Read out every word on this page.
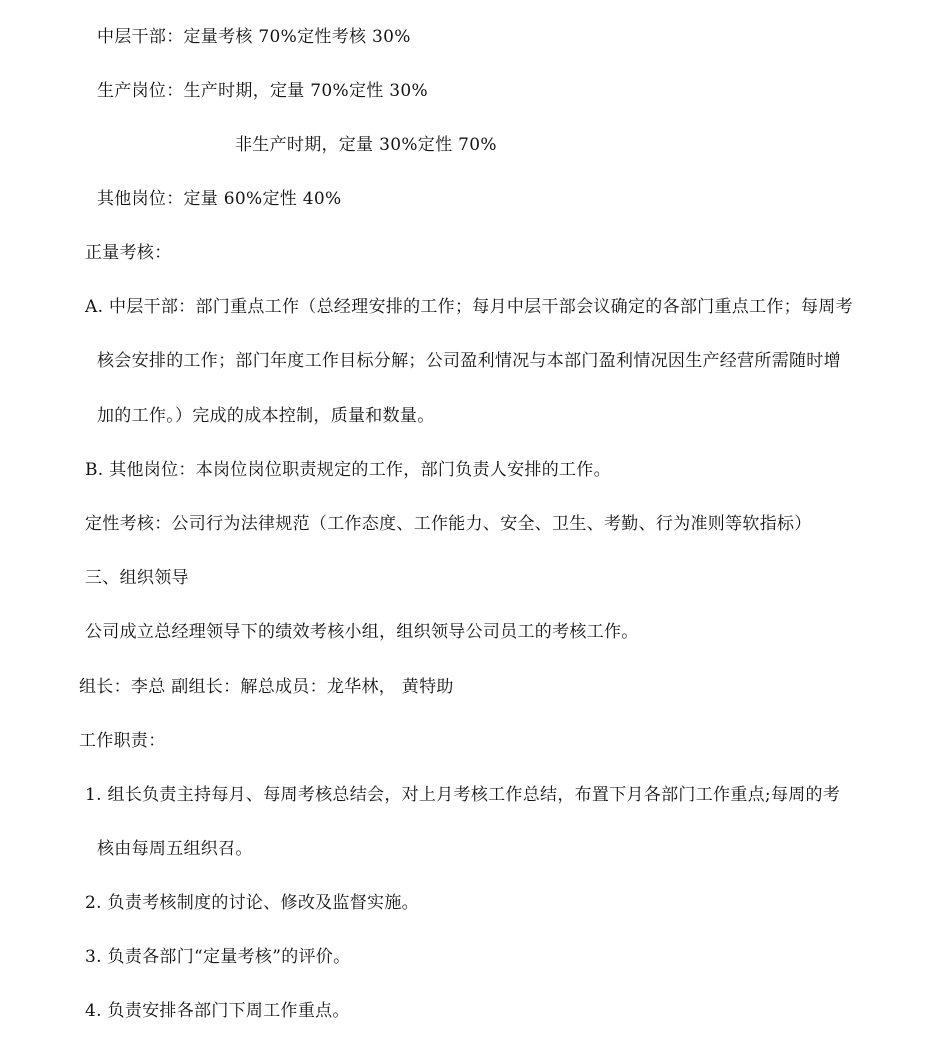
中层干部：定量考核 70%定性考核 30%
生产岗位：生产时期，定量 70%定性 30%
非生产时期，定量 30%定性 70%
其他岗位：定量 60%定性 40%
正量考核：
A. 中层干部：部门重点工作（总经理安排的工作；每月中层干部会议确定的各部门重点工作；每周考
核会安排的工作；部门年度工作目标分解；公司盈利情况与本部门盈利情况因生产经营所需随时增
加的工作。）完成的成本控制，质量和数量。
B. 其他岗位：本岗位岗位职责规定的工作，部门负责人安排的工作。
定性考核：公司行为法律规范（工作态度、工作能力、安全、卫生、考勤、行为准则等软指标）
三、组织领导
公司成立总经理领导下的绩效考核小组，组织领导公司员工的考核工作。
组长：李总 副组长：解总成员：龙华林， 黄特助
工作职责：
1. 组长负责主持每月、每周考核总结会，对上月考核工作总结，布置下月各部门工作重点;每周的考
核由每周五组织召。
2. 负责考核制度的讨论、修改及监督实施。
3. 负责各部门“定量考核”的评价。
4. 负责安排各部门下周工作重点。
